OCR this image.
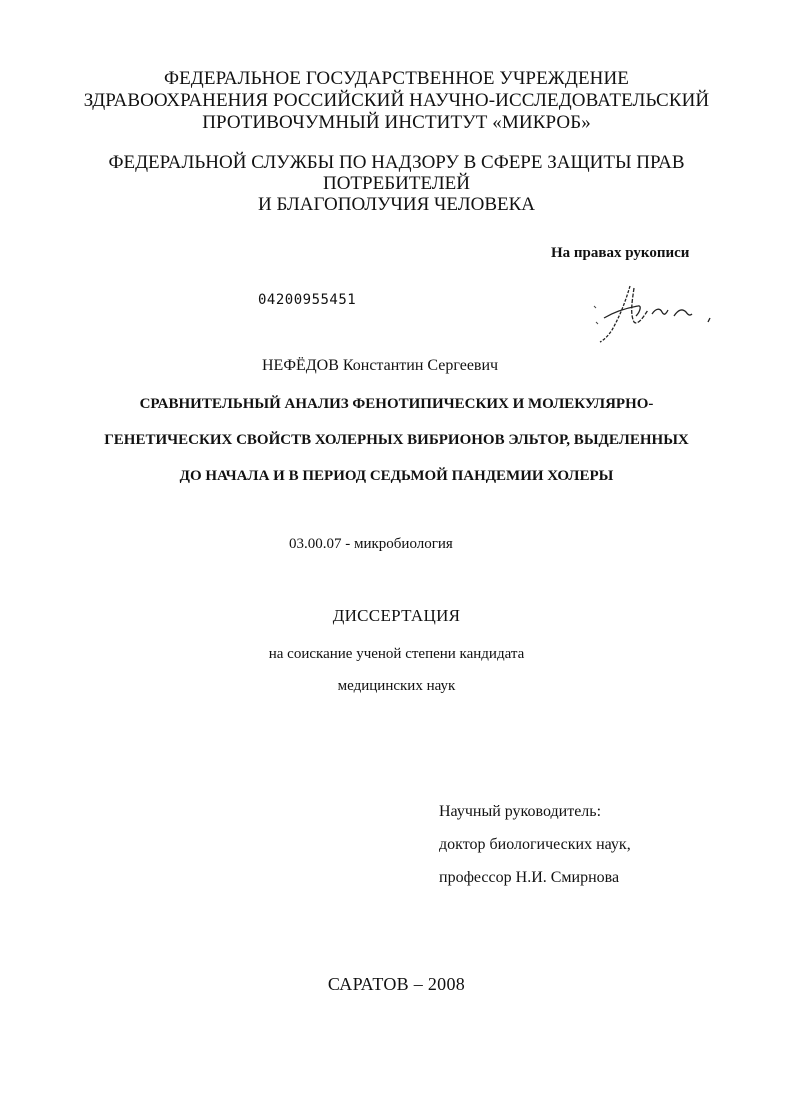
ФЕДЕРАЛЬНОЕ ГОСУДАРСТВЕННОЕ УЧРЕЖДЕНИЕ
ЗДРАВООХРАНЕНИЯ РОССИЙСКИЙ НАУЧНО-ИССЛЕДОВАТЕЛЬСКИЙ
ПРОТИВОЧУМНЫЙ ИНСТИТУТ «МИКРОБ»
ФЕДЕРАЛЬНОЙ СЛУЖБЫ ПО НАДЗОРУ В СФЕРЕ ЗАЩИТЫ ПРАВ
ПОТРЕБИТЕЛЕЙ
И БЛАГОПОЛУЧИЯ ЧЕЛОВЕКА
На правах рукописи
04200955451
НЕФЁДОВ Константин Сергеевич
СРАВНИТЕЛЬНЫЙ АНАЛИЗ ФЕНОТИПИЧЕСКИХ И МОЛЕКУЛЯРНО-
ГЕНЕТИЧЕСКИХ СВОЙСТВ ХОЛЕРНЫХ ВИБРИОНОВ ЭЛЬТОР, ВЫДЕЛЕННЫХ
ДО НАЧАЛА И В ПЕРИОД СЕДЬМОЙ ПАНДЕМИИ ХОЛЕРЫ
03.00.07 - микробиология
ДИССЕРТАЦИЯ
на соискание ученой степени кандидата
медицинских наук
Научный руководитель:
доктор биологических наук,
профессор Н.И. Смирнова
САРАТОВ – 2008
